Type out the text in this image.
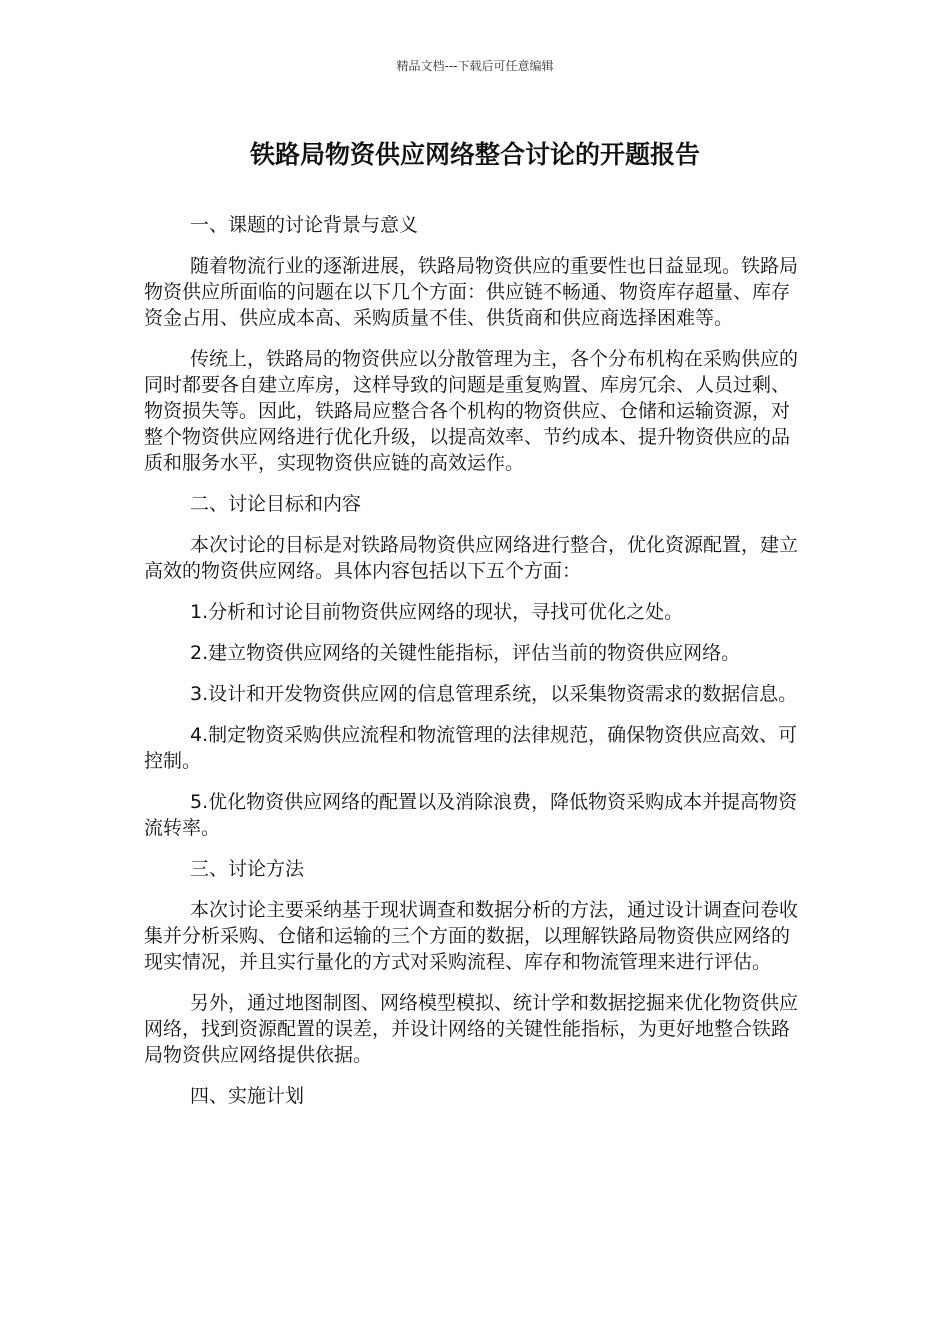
精品文档---下载后可任意编辑
铁路局物资供应网络整合讨论的开题报告
一、课题的讨论背景与意义

随着物流行业的逐渐进展，铁路局物资供应的重要性也日益显现。铁路局物资供应所面临的问题在以下几个方面：供应链不畅通、物资库存超量、库存资金占用、供应成本高、采购质量不佳、供货商和供应商选择困难等。

传统上，铁路局的物资供应以分散管理为主，各个分布机构在采购供应的同时都要各自建立库房，这样导致的问题是重复购置、库房冗余、人员过剩、物资损失等。因此，铁路局应整合各个机构的物资供应、仓储和运输资源，对整个物资供应网络进行优化升级，以提高效率、节约成本、提升物资供应的品质和服务水平，实现物资供应链的高效运作。

二、讨论目标和内容

本次讨论的目标是对铁路局物资供应网络进行整合，优化资源配置，建立高效的物资供应网络。具体内容包括以下五个方面：

1.分析和讨论目前物资供应网络的现状，寻找可优化之处。

2.建立物资供应网络的关键性能指标，评估当前的物资供应网络。

3.设计和开发物资供应网的信息管理系统，以采集物资需求的数据信息。

4.制定物资采购供应流程和物流管理的法律规范，确保物资供应高效、可控制。

5.优化物资供应网络的配置以及消除浪费，降低物资采购成本并提高物资流转率。

三、讨论方法

本次讨论主要采纳基于现状调查和数据分析的方法，通过设计调查问卷收集并分析采购、仓储和运输的三个方面的数据，以理解铁路局物资供应网络的现实情况，并且实行量化的方式对采购流程、库存和物流管理来进行评估。

另外，通过地图制图、网络模型模拟、统计学和数据挖掘来优化物资供应网络，找到资源配置的误差，并设计网络的关键性能指标，为更好地整合铁路局物资供应网络提供依据。

四、实施计划
